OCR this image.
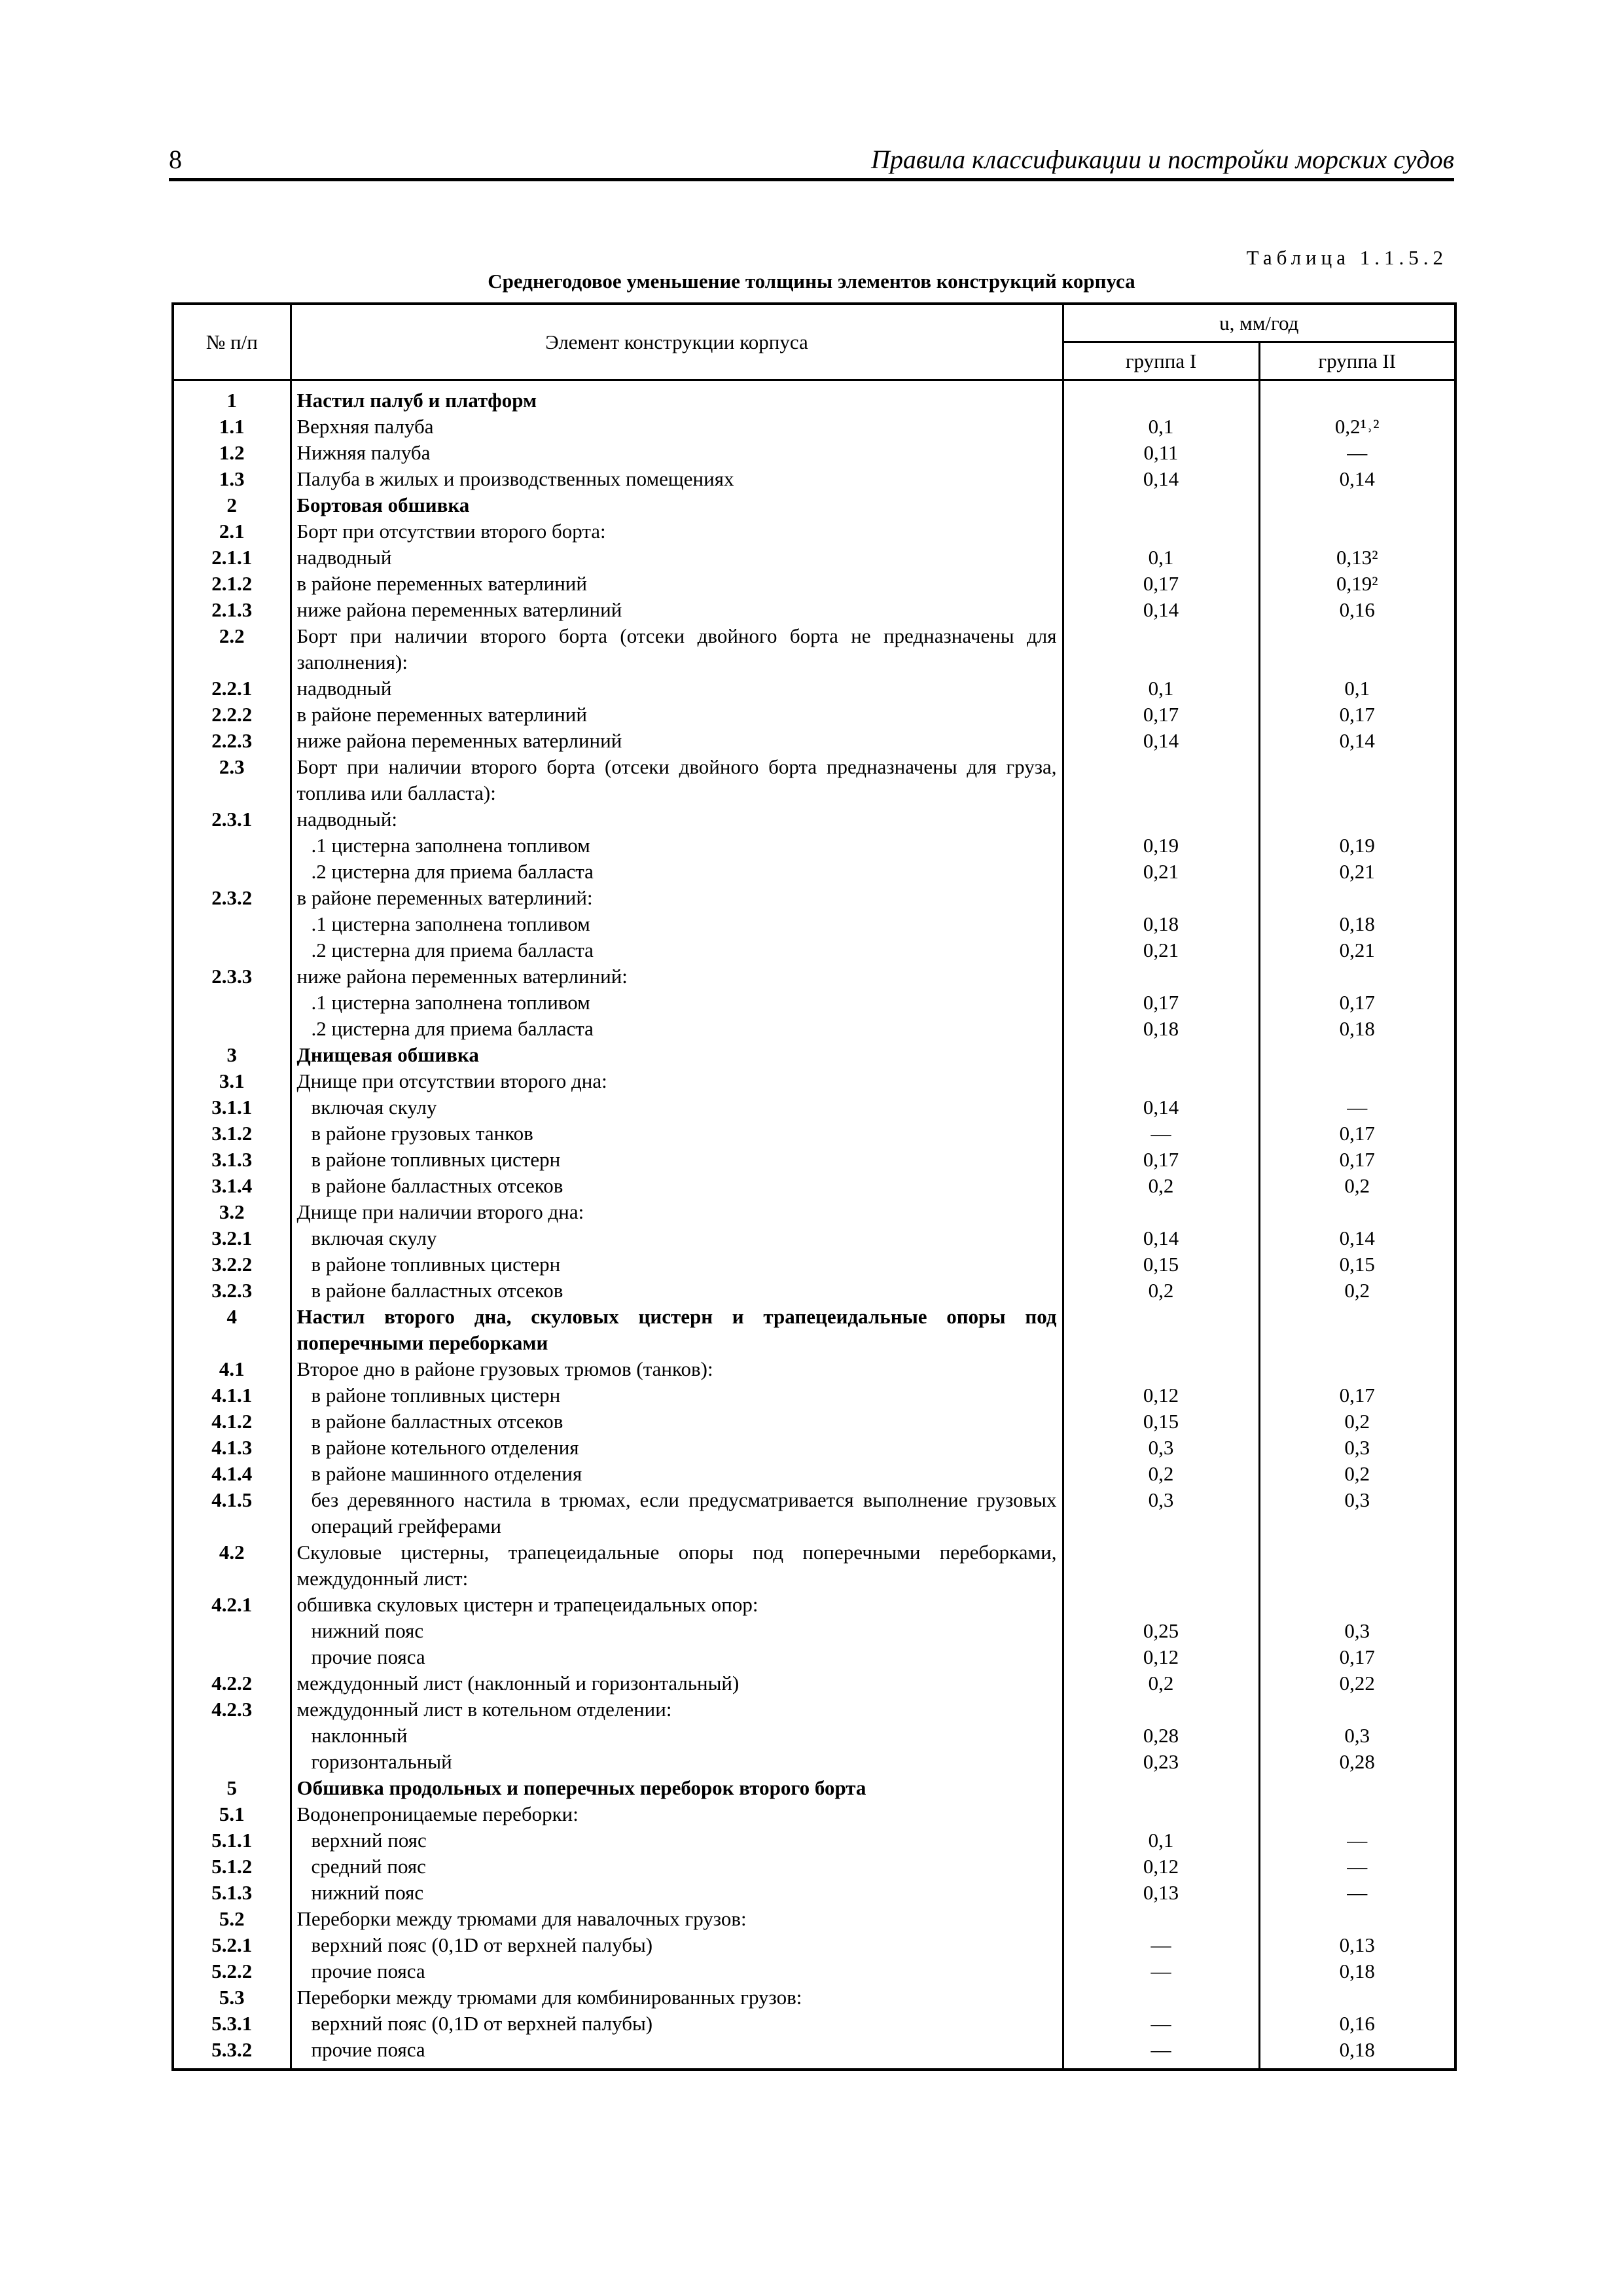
8	Правила классификации и постройки морских судов
Таблица 1.1.5.2
Среднегодовое уменьшение толщины элементов конструкций корпуса
№ п/п	Элемент конструкции корпуса	u, мм/год	
		группа I	группа II
1	Настил палуб и платформ		
1.1	Верхняя палуба	0,1	0,2¹˒²
1.2	Нижняя палуба	0,11	—
1.3	Палуба в жилых и производственных помещениях	0,14	0,14
2	Бортовая обшивка		
2.1	Борт при отсутствии второго борта:		
2.1.1	надводный	0,1	0,13²
2.1.2	в районе переменных ватерлиний	0,17	0,19²
2.1.3	ниже района переменных ватерлиний	0,14	0,16
2.2	Борт при наличии второго борта (отсеки двойного борта не предназначены для заполнения):		
2.2.1	надводный	0,1	0,1
2.2.2	в районе переменных ватерлиний	0,17	0,17
2.2.3	ниже района переменных ватерлиний	0,14	0,14
2.3	Борт при наличии второго борта (отсеки двойного борта предназначены для груза, топлива или балласта):		
2.3.1	надводный:		
	.1 цистерна заполнена топливом	0,19	0,19
	.2 цистерна для приема балласта	0,21	0,21
2.3.2	в районе переменных ватерлиний:		
	.1 цистерна заполнена топливом	0,18	0,18
	.2 цистерна для приема балласта	0,21	0,21
2.3.3	ниже района переменных ватерлиний:		
	.1 цистерна заполнена топливом	0,17	0,17
	.2 цистерна для приема балласта	0,18	0,18
3	Днищевая обшивка		
3.1	Днище при отсутствии второго дна:		
3.1.1	включая скулу	0,14	—
3.1.2	в районе грузовых танков	—	0,17
3.1.3	в районе топливных цистерн	0,17	0,17
3.1.4	в районе балластных отсеков	0,2	0,2
3.2	Днище при наличии второго дна:		
3.2.1	включая скулу	0,14	0,14
3.2.2	в районе топливных цистерн	0,15	0,15
3.2.3	в районе балластных отсеков	0,2	0,2
4	Настил второго дна, скуловых цистерн и трапецеидальные опоры под поперечными переборками		
4.1	Второе дно в районе грузовых трюмов (танков):		
4.1.1	в районе топливных цистерн	0,12	0,17
4.1.2	в районе балластных отсеков	0,15	0,2
4.1.3	в районе котельного отделения	0,3	0,3
4.1.4	в районе машинного отделения	0,2	0,2
4.1.5	без деревянного настила в трюмах, если предусматривается выполнение грузовых операций грейферами	0,3	0,3
4.2	Скуловые цистерны, трапецеидальные опоры под поперечными переборками, междудонный лист:		
4.2.1	обшивка скуловых цистерн и трапецеидальных опор:		
	нижний пояс	0,25	0,3
	прочие пояса	0,12	0,17
4.2.2	междудонный лист (наклонный и горизонтальный)	0,2	0,22
4.2.3	междудонный лист в котельном отделении:		
	наклонный	0,28	0,3
	горизонтальный	0,23	0,28
5	Обшивка продольных и поперечных переборок второго борта		
5.1	Водонепроницаемые переборки:		
5.1.1	верхний пояс	0,1	—
5.1.2	средний пояс	0,12	—
5.1.3	нижний пояс	0,13	—
5.2	Переборки между трюмами для навалочных грузов:		
5.2.1	верхний пояс (0,1D от верхней палубы)	—	0,13
5.2.2	прочие пояса	—	0,18
5.3	Переборки между трюмами для комбинированных грузов:		
5.3.1	верхний пояс (0,1D от верхней палубы)	—	0,16
5.3.2	прочие пояса	—	0,18
